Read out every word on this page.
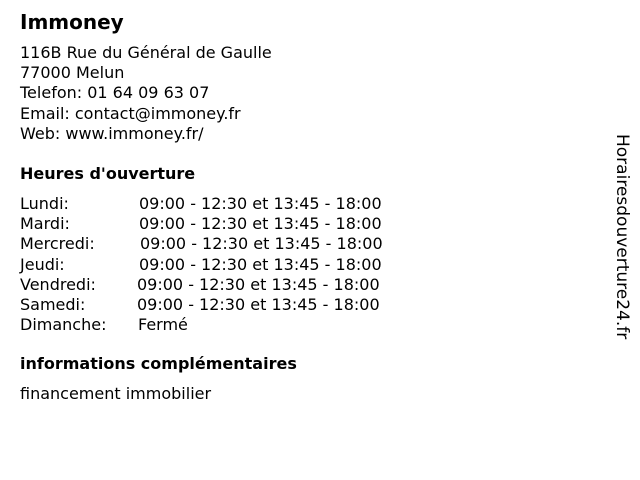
Immoney
116B Rue du Général de Gaulle
77000 Melun
Telefon: 01 64 09 63 07
Email: contact@immoney.fr
Web: www.immoney.fr/
Heures d'ouverture
Lundi:	09:00 - 12:30 et 13:45 - 18:00
Mardi:	09:00 - 12:30 et 13:45 - 18:00
Mercredi:	09:00 - 12:30 et 13:45 - 18:00
Jeudi:	09:00 - 12:30 et 13:45 - 18:00
Vendredi:	09:00 - 12:30 et 13:45 - 18:00
Samedi:	09:00 - 12:30 et 13:45 - 18:00
Dimanche: Fermé
informations complémentaires
financement immobilier
Horairesdouverture24.fr
